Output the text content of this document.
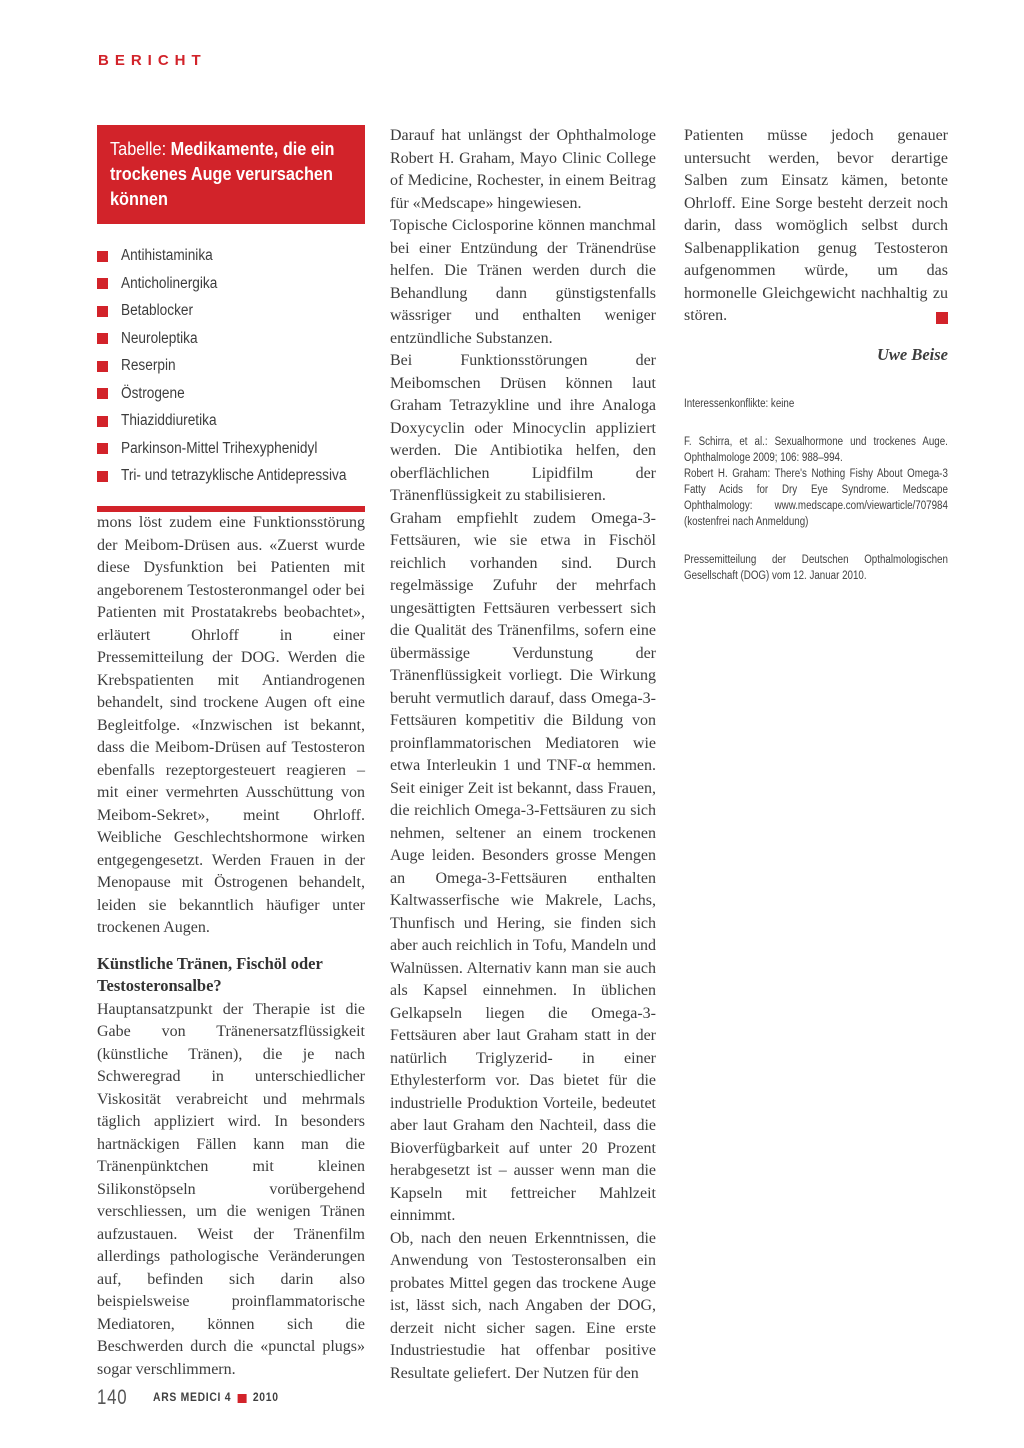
BERICHT
Tabelle: Medikamente, die ein trockenes Auge verursachen können
Antihistaminika
Anticholinergika
Betablocker
Neuroleptika
Reserpin
Östrogene
Thiaziddiuretika
Parkinson-Mittel Trihexyphenidyl
Tri- und tetrazyklische Antidepressiva

mons löst zudem eine Funktionsstörung der Meibom-Drüsen aus. «Zuerst wurde diese Dysfunktion bei Patienten mit angeborenem Testosteronmangel oder bei Patienten mit Prostatakrebs beobachtet», erläutert Ohrloff in einer Pressemitteilung der DOG. Werden die Krebspatienten mit Antiandrogenen behandelt, sind trockene Augen oft eine Begleitfolge. «Inzwischen ist bekannt, dass die Meibom-Drüsen auf Testosteron ebenfalls rezeptorgesteuert reagieren – mit einer vermehrten Ausschüttung von Meibom-Sekret», meint Ohrloff. Weibliche Geschlechtshormone wirken entgegengesetzt. Werden Frauen in der Menopause mit Östrogenen behandelt, leiden sie bekanntlich häufiger unter trockenen Augen.

Künstliche Tränen, Fischöl oder Testosteronsalbe?

Hauptansatzpunkt der Therapie ist die Gabe von Tränenersatzflüssigkeit (künstliche Tränen), die je nach Schweregrad in unterschiedlicher Viskosität verabreicht und mehrmals täglich appliziert wird. In besonders hartnäckigen Fällen kann man die Tränenpünktchen mit kleinen Silikonstöpseln vorübergehend verschliessen, um die wenigen Tränen aufzustauen. Weist der Tränenfilm allerdings pathologische Veränderungen auf, befinden sich darin also beispielsweise proinflammatorische Mediatoren, können sich die Beschwerden durch die «punctal plugs» sogar verschlimmern.

Darauf hat unlängst der Ophthalmologe Robert H. Graham, Mayo Clinic College of Medicine, Rochester, in einem Beitrag für «Medscape» hingewiesen.

Topische Ciclosporine können manchmal bei einer Entzündung der Tränendrüse helfen. Die Tränen werden durch die Behandlung dann günstigstenfalls wässriger und enthalten weniger entzündliche Substanzen.

Bei Funktionsstörungen der Meibomschen Drüsen können laut Graham Tetrazykline und ihre Analoga Doxycyclin oder Minocyclin appliziert werden. Die Antibiotika helfen, den oberflächlichen Lipidfilm der Tränenflüssigkeit zu stabilisieren.

Graham empfiehlt zudem Omega-3-Fettsäuren, wie sie etwa in Fischöl reichlich vorhanden sind. Durch regelmässige Zufuhr der mehrfach ungesättigten Fettsäuren verbessert sich die Qualität des Tränenfilms, sofern eine übermässige Verdunstung der Tränenflüssigkeit vorliegt. Die Wirkung beruht vermutlich darauf, dass Omega-3-Fettsäuren kompetitiv die Bildung von proinflammatorischen Mediatoren wie etwa Interleukin 1 und TNF-α hemmen. Seit einiger Zeit ist bekannt, dass Frauen, die reichlich Omega-3-Fettsäuren zu sich nehmen, seltener an einem trockenen Auge leiden. Besonders grosse Mengen an Omega-3-Fettsäuren enthalten Kaltwasserfische wie Makrele, Lachs, Thunfisch und Hering, sie finden sich aber auch reichlich in Tofu, Mandeln und Walnüssen. Alternativ kann man sie auch als Kapsel einnehmen. In üblichen Gelkapseln liegen die Omega-3-Fettsäuren aber laut Graham statt in der natürlich Triglyzerid- in einer Ethylesterform vor. Das bietet für die industrielle Produktion Vorteile, bedeutet aber laut Graham den Nachteil, dass die Bioverfügbarkeit auf unter 20 Prozent herabgesetzt ist – ausser wenn man die Kapseln mit fettreicher Mahlzeit einnimmt.

Ob, nach den neuen Erkenntnissen, die Anwendung von Testosteronsalben ein probates Mittel gegen das trockene Auge ist, lässt sich, nach Angaben der DOG, derzeit nicht sicher sagen. Eine erste Industriestudie hat offenbar positive Resultate geliefert. Der Nutzen für den

Patienten müsse jedoch genauer untersucht werden, bevor derartige Salben zum Einsatz kämen, betonte Ohrloff. Eine Sorge besteht derzeit noch darin, dass womöglich selbst durch Salbenapplikation genug Testosteron aufgenommen würde, um das hormonelle Gleichgewicht nachhaltig zu stören.

Uwe Beise
Interessenkonflikte: keine

F. Schirra, et al.: Sexualhormone und trockenes Auge. Ophthalmologe 2009; 106: 988–994.

Robert H. Graham: There's Nothing Fishy About Omega-3 Fatty Acids for Dry Eye Syndrome. Medscape Ophthalmology: www.medscape.com/viewarticle/707984 (kostenfrei nach Anmeldung)

Pressemitteilung der Deutschen Opthalmologischen Gesellschaft (DOG) vom 12. Januar 2010.
140 ARS MEDICI 4 2010
